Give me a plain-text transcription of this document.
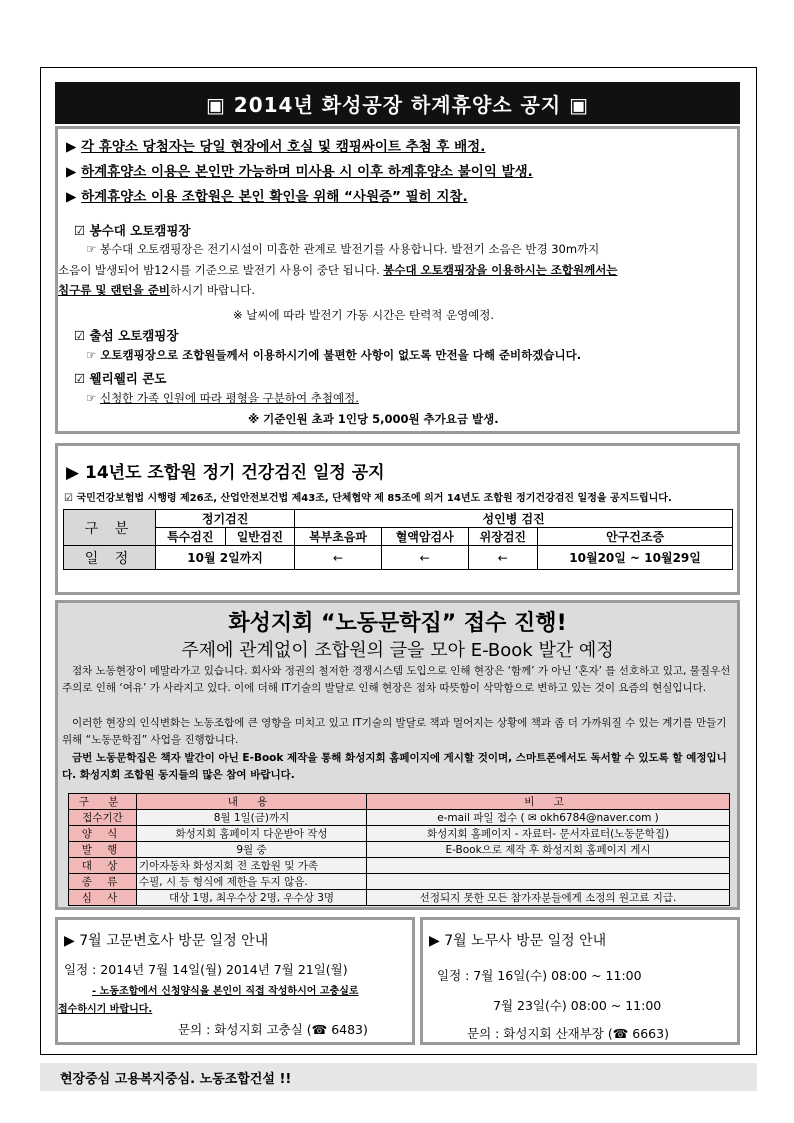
▣ 2014년 화성공장 하계휴양소 공지 ▣
▶ 각 휴양소 당첨자는 당일 현장에서 호실 및 캠핑싸이트 추첨 후 배정.
▶ 하계휴양소 이용은 본인만 가능하며 미사용 시 이후 하계휴양소 불이익 발생.
▶ 하계휴양소 이용 조합원은 본인 확인을 위해 “사원증” 필히 지참.
☑ 봉수대 오토캠핑장
☞ 봉수대 오토캠핑장은 전기시설이 미흡한 관계로 발전기를 사용합니다. 발전기 소음은 반경 30m까지
소음이 발생되어 밤12시를 기준으로 발전기 사용이 중단 됩니다. 봉수대 오토캠핑장을 이용하시는 조합원께서는
침구류 및 랜턴을 준비하시기 바랍니다.
※ 날씨에 따라 발전기 가동 시간은 탄력적 운영예정.
☑ 출섬 오토캠핑장
☞ 오토캠핑장으로 조합원들께서 이용하시기에 불편한 사항이 없도록 만전을 다해 준비하겠습니다.
☑ 웰리웰리 콘도
☞ 신청한 가족 인원에 따라 평형을 구분하여 추첨예정.
※ 기준인원 초과 1인당 5,000원 추가요금 발생.
▶ 14년도 조합원 정기 건강검진 일정 공지
☑ 국민건강보험법 시행령 제26조, 산업안전보건법 제43조, 단체협약 제 85조에 의거 14년도 조합원 정기건강검진 일정을 공지드립니다.
구 분	정기검진		성인병 검진			
	특수검진	일반검진	복부초음파	혈액암검사	위장검진	안구건조증
일 정	10월 2일까지		←	←	←	10월20일 ~ 10월29일
화성지회 “노동문학집” 접수 진행!
주제에 관계없이 조합원의 글을 모아 E-Book 발간 예정
점차 노동현장이 메말라가고 있습니다. 회사와 정권의 철저한 경쟁시스템 도입으로 인해 현장은 ‘함께’ 가 아닌 ‘혼자’ 를 선호하고 있고, 물질우선주의로 인해 ‘여유’ 가 사라지고 있다. 이에 더해 IT기술의 발달로 인해 현장은 점차 따뜻함이 삭막함으로 변하고 있는 것이 요즘의 현실입니다.
이러한 현장의 인식변화는 노동조합에 큰 영향을 미치고 있고 IT기술의 발달로 책과 멀어지는 상황에 책과 좀 더 가까워질 수 있는 계기를 만들기 위해 “노동문학집” 사업을 진행합니다.
금번 노동문학집은 책자 발간이 아닌 E-Book 제작을 통해 화성지회 홈페이지에 게시할 것이며, 스마트폰에서도 독서할 수 있도록 할 예정입니다. 화성지회 조합원 동지들의 많은 참여 바랍니다.
구 분	내 용	비 고
접수기간	8월 1일(금)까지	e-mail 파일 접수 ( ✉ okh6784@naver.com )
양 식	화성지회 홈페이지 다운받아 작성	화성지회 홈페이지 - 자료터- 문서자료터(노동문학집)
발 행	9월 중	E-Book으로 제작 후 화성지회 홈페이지 게시
대 상	기아자동차 화성지회 전 조합원 및 가족	
종 류	수필, 시 등 형식에 제한을 두지 않음.	
심 사	대상 1명, 최우수상 2명, 우수상 3명	선정되지 못한 모든 참가자분들에게 소정의 원고료 지급.
▶ 7월 고문변호사 방문 일정 안내
일정 : 2014년 7월 14일(월) 2014년 7월 21일(월)
- 노동조합에서 신청양식을 본인이 직접 작성하시어 고충실로
접수하시기 바랍니다.
문의 : 화성지회 고충실 (☎ 6483)
▶ 7월 노무사 방문 일정 안내
일정 : 7월 16일(수) 08:00 ~ 11:00
7월 23일(수) 08:00 ~ 11:00
문의 : 화성지회 산재부장 (☎ 6663)
현장중심 고용복지중심. 노동조합건설 !!
